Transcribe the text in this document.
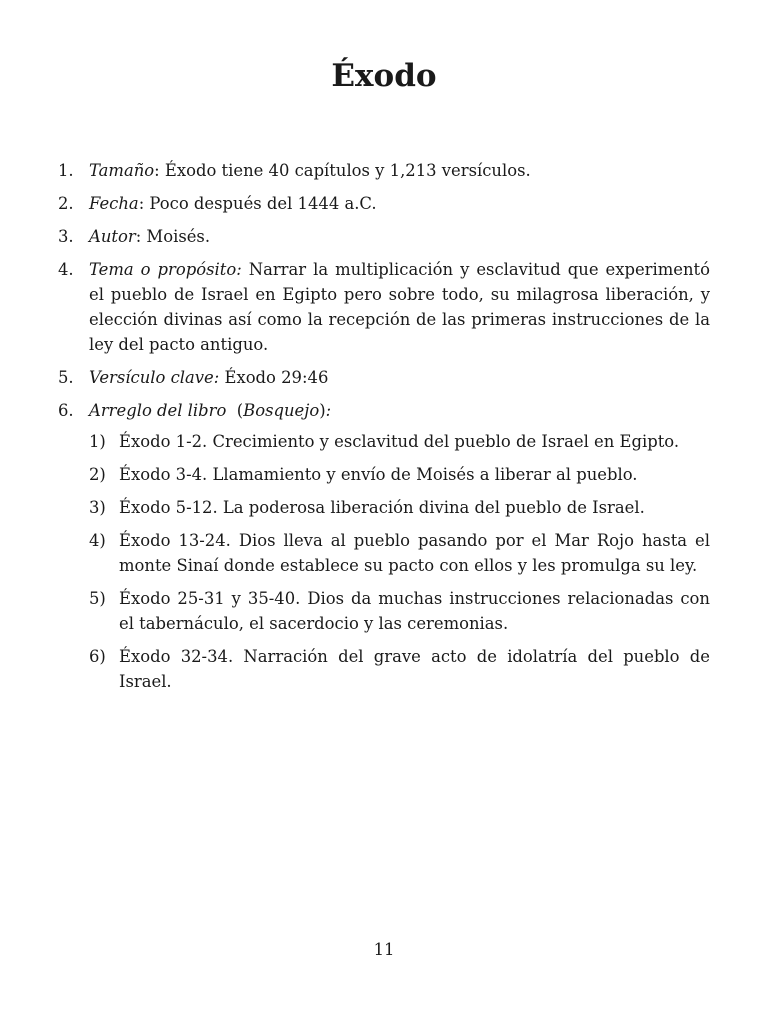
Éxodo
1. Tamaño: Éxodo tiene 40 capítulos y 1,213 versículos.
2. Fecha: Poco después del 1444 a.C.
3. Autor: Moisés.
4. Tema o propósito: Narrar la multiplicación y esclavitud que experimentó el pueblo de Israel en Egipto pero sobre todo, su milagrosa liberación, y elección divinas así como la recepción de las primeras instrucciones de la ley del pacto antiguo.
5. Versículo clave: Éxodo 29:46
6. Arreglo del libro  (Bosquejo):
1) Éxodo 1-2. Crecimiento y esclavitud del pueblo de Israel en Egipto.
2) Éxodo 3-4. Llamamiento y envío de Moisés a liberar al pueblo.
3) Éxodo 5-12. La poderosa liberación divina del pueblo de Israel.
4) Éxodo 13-24. Dios lleva al pueblo pasando por el Mar Rojo hasta el monte Sinaí donde establece su pacto con ellos y les promulga su ley.
5) Éxodo 25-31 y 35-40. Dios da muchas instrucciones relacionadas con el tabernáculo, el sacerdocio y las ceremonias.
6) Éxodo 32-34. Narración del grave acto de idolatría del pueblo de Israel.
11
